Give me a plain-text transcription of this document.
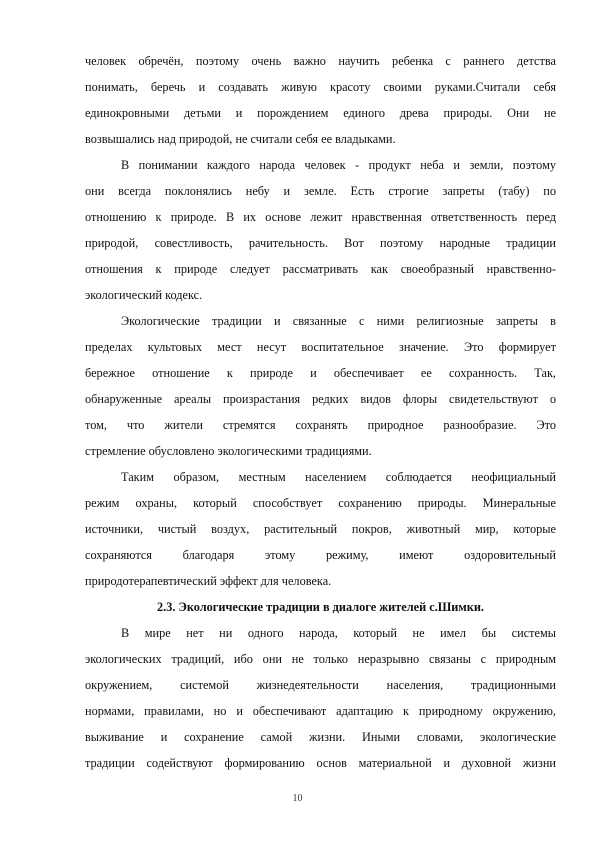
человек обречён, поэтому очень важно научить ребенка с раннего детства
понимать, беречь и создавать живую красоту своими руками.Считали себя
единокровными детьми и порождением единого древа природы. Они не
возвышались над природой, не считали себя ее владыками.
В понимании каждого народа человек - продукт неба и земли, поэтому
они всегда поклонялись небу и земле. Есть строгие запреты (табу) по
отношению к природе. В их основе лежит нравственная ответственность перед
природой, совестливость, рачительность. Вот поэтому народные традиции
отношения к природе следует рассматривать как своеобразный нравственно-
экологический кодекс.
Экологические традиции и связанные с ними религиозные запреты в
пределах культовых мест несут воспитательное значение. Это формирует
бережное отношение к природе и обеспечивает ее сохранность. Так,
обнаруженные ареалы произрастания редких видов флоры свидетельствуют о
том, что жители стремятся сохранять природное разнообразие. Это
стремление обусловлено экологическими традициями.
Таким образом, местным населением соблюдается неофициальный
режим охраны, который способствует сохранению природы. Минеральные
источники, чистый воздух, растительный покров, животный мир, которые
сохраняются благодаря этому режиму, имеют оздоровительный
природотерапевтический эффект для человека.
2.3. Экологические традиции в диалоге жителей с.Шимки.
В мире нет ни одного народа, который не имел бы системы
экологических традиций, ибо они не только неразрывно связаны с природным
окружением, системой жизнедеятельности населения, традиционными
нормами, правилами, но и обеспечивают адаптацию к природному окружению,
выживание и сохранение самой жизни. Иными словами, экологические
традиции содействуют формированию основ материальной и духовной жизни
10
